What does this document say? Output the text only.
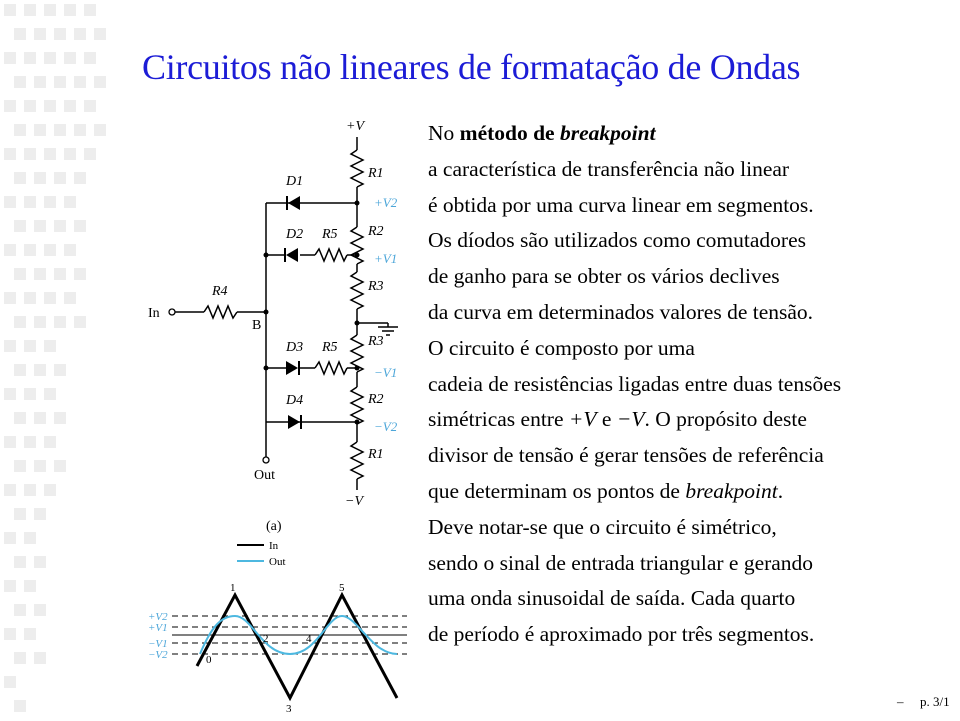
Circuitos não lineares de formatação de Ondas
+V
−V
D1
D2 R5
R1
R2
R3
R4
D3 R5 R3
D4	R2
R1
+V2
+V1
−V1
−V2
In
B
Out
(a)
In
Out
+V2
+V1
−V1
−V2	0
1
2
3
4
5
No método de breakpoint
a característica de transferência não linear
é obtida por uma curva linear em segmentos.
Os díodos são utilizados como comutadores
de ganho para se obter os vários declives
da curva em determinados valores de tensão.
O circuito é composto por uma
cadeia de resistências ligadas entre duas tensões
simétricas entre +V e −V. O propósito deste
divisor de tensão é gerar tensões de referência
que determinam os pontos de breakpoint.
Deve notar-se que o circuito é simétrico,
sendo o sinal de entrada triangular e gerando
uma onda sinusoidal de saída. Cada quarto
de período é aproximado por três segmentos.
– p. 3/1
